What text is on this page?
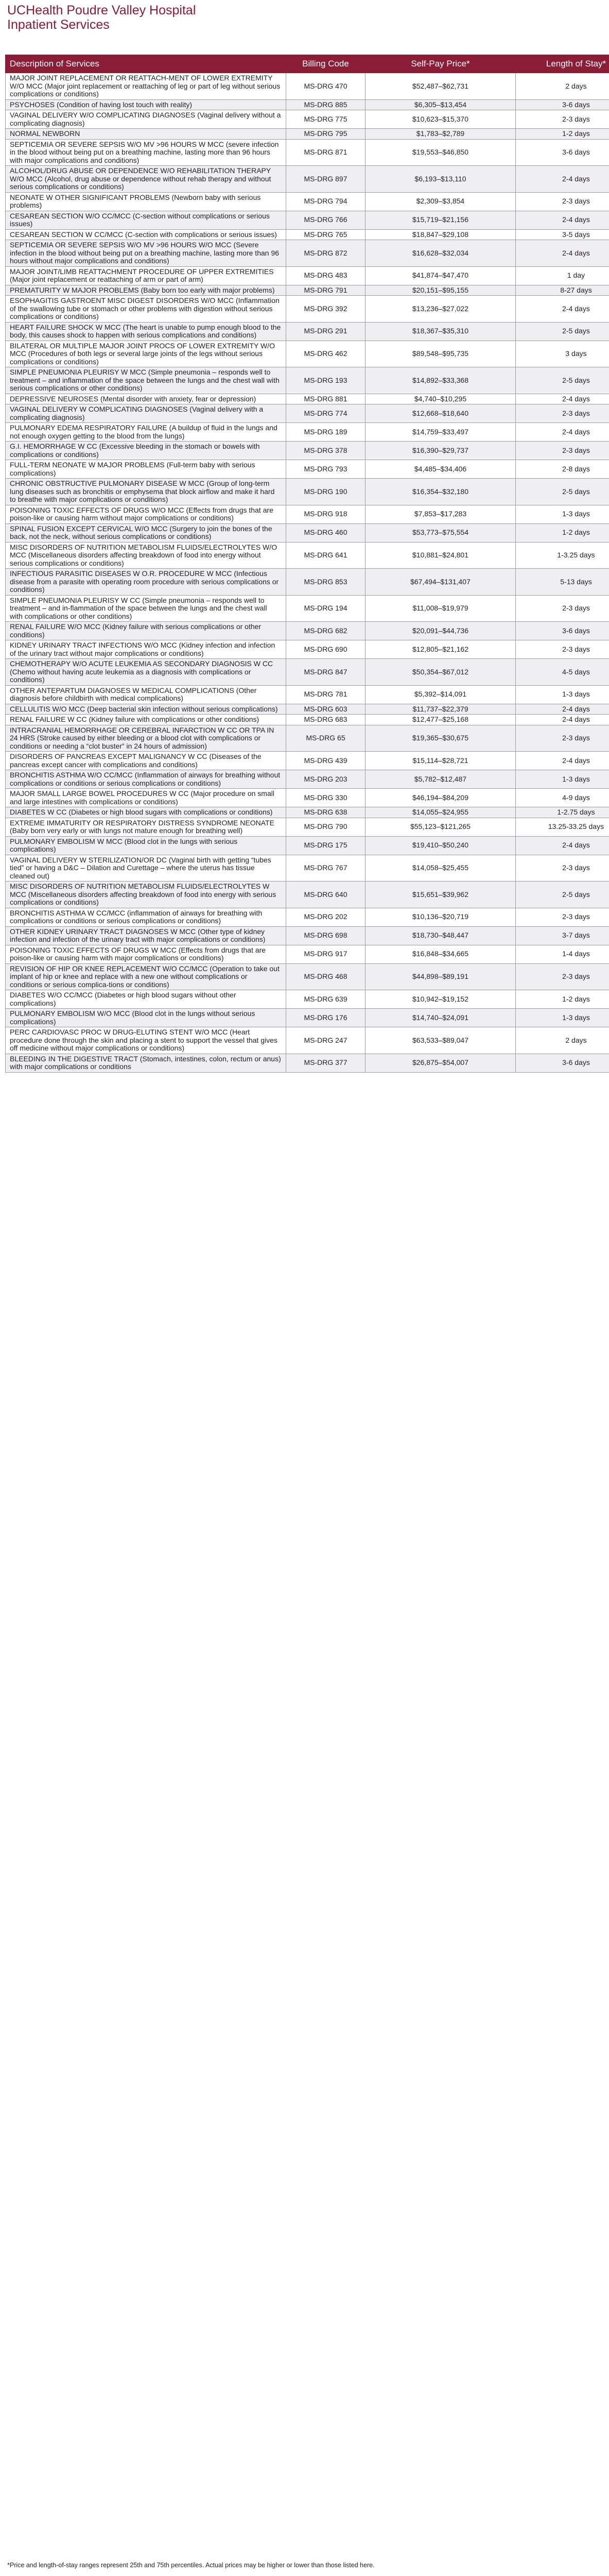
UCHealth Poudre Valley Hospital
Inpatient Services
Description of Services	Billing Code	Self-Pay Price*	Length of Stay*
MAJOR JOINT REPLACEMENT OR REATTACH-MENT OF LOWER EXTREMITY W/O MCC (Major joint replacement or reattaching of leg or part of leg without serious complications or conditions)	MS-DRG 470	$52,487–$62,731	2 days
PSYCHOSES (Condition of having lost touch with reality)	MS-DRG 885	$6,305–$13,454	3-6 days
VAGINAL DELIVERY W/O COMPLICATING DIAGNOSES (Vaginal delivery without a complicating diagnosis)	MS-DRG 775	$10,623–$15,370	2-3 days
NORMAL NEWBORN	MS-DRG 795	$1,783–$2,789	1-2 days
SEPTICEMIA OR SEVERE SEPSIS W/O MV >96 HOURS W MCC (severe infection in the blood without being put on a breathing machine, lasting more than 96 hours with major complications and conditions)	MS-DRG 871	$19,553–$46,850	3-6 days
ALCOHOL/DRUG ABUSE OR DEPENDENCE W/O REHABILITATION THERAPY W/O MCC (Alcohol, drug abuse or dependence without rehab therapy and without serious complications or conditions)	MS-DRG 897	$6,193–$13,110	2-4 days
NEONATE W OTHER SIGNIFICANT PROBLEMS (Newborn baby with serious problems)	MS-DRG 794	$2,309–$3,854	2-3 days
CESAREAN SECTION W/O CC/MCC (C-section without complications or serious issues)	MS-DRG 766	$15,719–$21,156	2-4 days
CESAREAN SECTION W CC/MCC (C-section with complications or serious issues)	MS-DRG 765	$18,847–$29,108	3-5 days
SEPTICEMIA OR SEVERE SEPSIS W/O MV >96 HOURS W/O MCC (Severe infection in the blood without being put on a breathing machine, lasting more than 96 hours without major complications and conditions)	MS-DRG 872	$16,628–$32,034	2-4 days
MAJOR JOINT/LIMB REATTACHMENT PROCEDURE OF UPPER EXTREMITIES (Major joint replacement or reattaching of arm or part of arm)	MS-DRG 483	$41,874–$47,470	1 day
PREMATURITY W MAJOR PROBLEMS (Baby born too early with major problems)	MS-DRG 791	$20,151–$95,155	8-27 days
ESOPHAGITIS GASTROENT MISC DIGEST DISORDERS W/O MCC (Inflammation of the swallowing tube or stomach or other problems with digestion without serious complications or conditions)	MS-DRG 392	$13,236–$27,022	2-4 days
HEART FAILURE SHOCK W MCC (The heart is unable to pump enough blood to the body, this causes shock to happen with serious complications and conditions)	MS-DRG 291	$18,367–$35,310	2-5 days
BILATERAL OR MULTIPLE MAJOR JOINT PROCS OF LOWER EXTREMITY W/O MCC (Procedures of both legs or several large joints of the legs without serious complications or conditions)	MS-DRG 462	$89,548–$95,735	3 days
SIMPLE PNEUMONIA PLEURISY W MCC (Simple pneumonia – responds well to treatment – and inflammation of the space between the lungs and the chest wall with serious complications or other conditions)	MS-DRG 193	$14,892–$33,368	2-5 days
DEPRESSIVE NEUROSES (Mental disorder with anxiety, fear or depression)	MS-DRG 881	$4,740–$10,295	2-4 days
VAGINAL DELIVERY W COMPLICATING DIAGNOSES (Vaginal delivery with a complicating diagnosis)	MS-DRG 774	$12,668–$18,640	2-3 days
PULMONARY EDEMA RESPIRATORY FAILURE (A buildup of fluid in the lungs and not enough oxygen getting to the blood from the lungs)	MS-DRG 189	$14,759–$33,497	2-4 days
G.I. HEMORRHAGE W CC (Excessive bleeding in the stomach or bowels with complications or conditions)	MS-DRG 378	$16,390–$29,737	2-3 days
FULL-TERM NEONATE W MAJOR PROBLEMS (Full-term baby with serious complications)	MS-DRG 793	$4,485–$34,406	2-8 days
CHRONIC OBSTRUCTIVE PULMONARY DISEASE W MCC (Group of long-term lung diseases such as bronchitis or emphysema that block airflow and make it hard to breathe with major complications or conditions)	MS-DRG 190	$16,354–$32,180	2-5 days
POISONING TOXIC EFFECTS OF DRUGS W/O MCC (Effects from drugs that are poison-like or causing harm without major complications or conditions)	MS-DRG 918	$7,853–$17,283	1-3 days
SPINAL FUSION EXCEPT CERVICAL W/O MCC (Surgery to join the bones of the back, not the neck, without serious complications or conditions)	MS-DRG 460	$53,773–$75,554	1-2 days
MISC DISORDERS OF NUTRITION METABOLISM FLUIDS/ELECTROLYTES W/O MCC (Miscellaneous disorders affecting breakdown of food into energy without serious complications or conditions)	MS-DRG 641	$10,881–$24,801	1-3.25 days
INFECTIOUS PARASITIC DISEASES W O.R. PROCEDURE W MCC (Infectious disease from a parasite with operating room procedure with serious complications or conditions)	MS-DRG 853	$67,494–$131,407	5-13 days
SIMPLE PNEUMONIA PLEURISY W CC (Simple pneumonia – responds well to treatment – and in-flammation of the space between the lungs and the chest wall with complications or other conditions)	MS-DRG 194	$11,008–$19,979	2-3 days
RENAL FAILURE W/O MCC (Kidney failure with serious complications or other conditions)	MS-DRG 682	$20,091–$44,736	3-6 days
KIDNEY URINARY TRACT INFECTIONS W/O MCC (Kidney infection and infection of the urinary tract without major complications or conditions)	MS-DRG 690	$12,805–$21,162	2-3 days
CHEMOTHERAPY W/O ACUTE LEUKEMIA AS SECONDARY DIAGNOSIS W CC (Chemo without having acute leukemia as a diagnosis with complications or conditions)	MS-DRG 847	$50,354–$67,012	4-5 days
OTHER ANTEPARTUM DIAGNOSES W MEDICAL COMPLICATIONS (Other diagnosis before childbirth with medical complications)	MS-DRG 781	$5,392–$14,091	1-3 days
CELLULITIS W/O MCC (Deep bacterial skin infection without serious complications)	MS-DRG 603	$11,737–$22,379	2-4 days
RENAL FAILURE W CC (Kidney failure with complications or other conditions)	MS-DRG 683	$12,477–$25,168	2-4 days
INTRACRANIAL HEMORRHAGE OR CEREBRAL INFARCTION W CC OR TPA IN 24 HRS (Stroke caused by either bleeding or a blood clot with complications or conditions or needing a “clot buster” in 24 hours of admission)	MS-DRG 65	$19,365–$30,675	2-3 days
DISORDERS OF PANCREAS EXCEPT MALIGNANCY W CC (Diseases of the pancreas except cancer with complications and conditions)	MS-DRG 439	$15,114–$28,721	2-4 days
BRONCHITIS ASTHMA W/O CC/MCC (Inflammation of airways for breathing without complications or conditions or serious complications or conditions)	MS-DRG 203	$5,782–$12,487	1-3 days
MAJOR SMALL LARGE BOWEL PROCEDURES W CC (Major procedure on small and large intestines with complications or conditions)	MS-DRG 330	$46,194–$84,209	4-9 days
DIABETES W CC (Diabetes or high blood sugars with complications or conditions)	MS-DRG 638	$14,055–$24,955	1-2.75 days
EXTREME IMMATURITY OR RESPIRATORY DISTRESS SYNDROME NEONATE (Baby born very early or with lungs not mature enough for breathing well)	MS-DRG 790	$55,123–$121,265	13.25-33.25 days
PULMONARY EMBOLISM W MCC (Blood clot in the lungs with serious complications)	MS-DRG 175	$19,410–$50,240	2-4 days
VAGINAL DELIVERY W STERILIZATION/OR DC (Vaginal birth with getting “tubes tied” or having a D&C – Dilation and Curettage – where the uterus has tissue cleaned out)	MS-DRG 767	$14,058–$25,455	2-3 days
MISC DISORDERS OF NUTRITION METABOLISM FLUIDS/ELECTROLYTES W MCC (Miscellaneous disorders affecting breakdown of food into energy with serious complications or conditions)	MS-DRG 640	$15,651–$39,962	2-5 days
BRONCHITIS ASTHMA W CC/MCC (inflammation of airways for breathing with complications or conditions or serious complications or conditions)	MS-DRG 202	$10,136–$20,719	2-3 days
OTHER KIDNEY URINARY TRACT DIAGNOSES W MCC (Other type of kidney infection and infection of the urinary tract with major complications or conditions)	MS-DRG 698	$18,730–$48,447	3-7 days
POISONING TOXIC EFFECTS OF DRUGS W MCC (Effects from drugs that are poison-like or causing harm with major complications or conditions)	MS-DRG 917	$16,848–$34,665	1-4 days
REVISION OF HIP OR KNEE REPLACEMENT W/O CC/MCC (Operation to take out implant of hip or knee and replace with a new one without complications or conditions or serious complica-tions or conditions)	MS-DRG 468	$44,898–$89,191	2-3 days
DIABETES W/O CC/MCC (Diabetes or high blood sugars without other complications)	MS-DRG 639	$10,942–$19,152	1-2 days
PULMONARY EMBOLISM W/O MCC (Blood clot in the lungs without serious complications)	MS-DRG 176	$14,740–$24,091	1-3 days
PERC CARDIOVASC PROC W DRUG-ELUTING STENT W/O MCC (Heart procedure done through the skin and placing a stent to support the vessel that gives off medicine without major complications or conditions)	MS-DRG 247	$63,533–$89,047	2 days
BLEEDING IN THE DIGESTIVE TRACT (Stomach, intestines, colon, rectum or anus) with major complications or conditions	MS-DRG 377	$26,875–$54,007	3-6 days
*Price and length-of-stay ranges represent 25th and 75th percentiles. Actual prices may be higher or lower than those listed here.
